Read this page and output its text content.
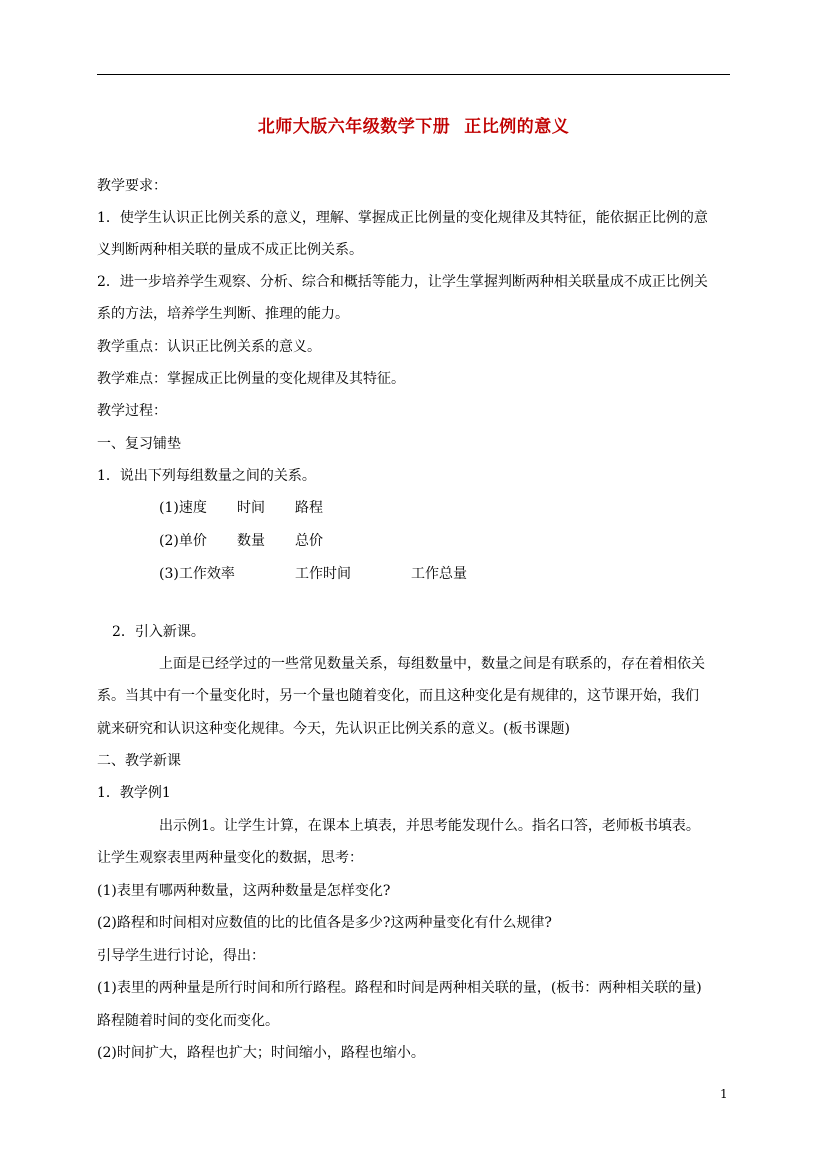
北师大版六年级数学下册 正比例的意义
教学要求：
1．使学生认识正比例关系的意义，理解、掌握成正比例量的变化规律及其特征，能依据正比例的意
义判断两种相关联的量成不成正比例关系。
2．进一步培养学生观察、分析、综合和概括等能力，让学生掌握判断两种相关联量成不成正比例关
系的方法，培养学生判断、推理的能力。
教学重点：认识正比例关系的意义。
教学难点：掌握成正比例量的变化规律及其特征。
教学过程：
一、复习铺垫
1．说出下列每组数量之间的关系。
(1)速度 时间 路程
(2)单价 数量 总价
(3)工作效率	工作时间	工作总量
2．引入新课。
上面是已经学过的一些常见数量关系，每组数量中，数量之间是有联系的，存在着相依关
系。当其中有一个量变化时，另一个量也随着变化，而且这种变化是有规律的，这节课开始，我们
就来研究和认识这种变化规律。今天，先认识正比例关系的意义。(板书课题)
二、教学新课
1．教学例1
出示例1。让学生计算，在课本上填表，并思考能发现什么。指名口答，老师板书填表。
让学生观察表里两种量变化的数据，思考：
(1)表里有哪两种数量，这两种数量是怎样变化?
(2)路程和时间相对应数值的比的比值各是多少?这两种量变化有什么规律?
引导学生进行讨论，得出：
(1)表里的两种量是所行时间和所行路程。路程和时间是两种相关联的量，(板书：两种相关联的量)
路程随着时间的变化而变化。
(2)时间扩大，路程也扩大；时间缩小，路程也缩小。
1
